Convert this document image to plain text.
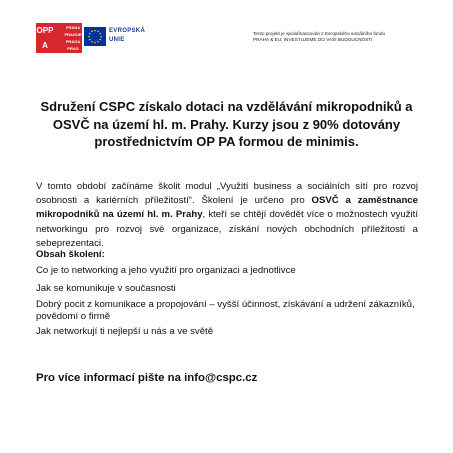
OPP
A
PRAHA
PRAGUE
PRAGA
PRAG
EVROPSKÁ
UNIE
Tento projekt je spolufinancován z Evropského sociálního fondu
PRAHA & EU: INVESTUJEME DO VAŠÍ BUDOUCNOSTI
Sdružení CSPC získalo dotaci na vzdělávání mikropodniků a OSVČ na území hl. m. Prahy. Kurzy jsou z 90% dotovány prostřednictvím OP PA formou de minimis.

V tomto období začínáme školit modul „Využití business a sociálních sítí pro rozvoj osobnosti a kariérních příležitostí“. Školení je určeno pro OSVČ a zaměstnance mikropodniků na území hl. m. Prahy, kteří se chtějí dovědět více o možnostech využití networkingu pro rozvoj své organizace, získání nových obchodních příležitostí a sebeprezentaci.

Obsah školení:
Co je to networking a jeho využití pro organizaci a jednotlivce
Jak se komunikuje v současnosti
Dobrý pocit z komunikace a propojování – vyšší účinnost, získávání a udržení zákazníků, povědomí o firmě
Jak networkují ti nejlepší u nás a ve světě
Pro více informací pište na info@cspc.cz
